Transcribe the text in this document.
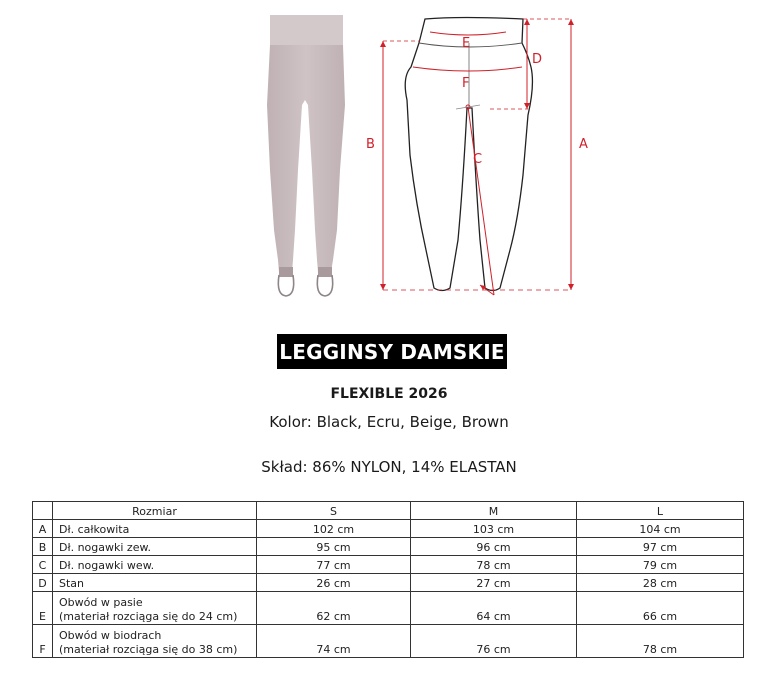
E
F
D
A
B
C
LEGGINSY DAMSKIE
FLEXIBLE 2026
Kolor: Black, Ecru, Beige, Brown
Skład: 86% NYLON, 14% ELASTAN
	Rozmiar	S	M	L
A	Dł. całkowita	102 cm	103 cm	104 cm
B	Dł. nogawki zew.	95 cm	96 cm	97 cm
C	Dł. nogawki wew.	77 cm	78 cm	79 cm
D	Stan	26 cm	27 cm	28 cm
E	Obwód w pasie
(materiał rozciąga się do 24 cm)	62 cm	64 cm	66 cm
F	Obwód w biodrach
(materiał rozciąga się do 38 cm)	74 cm	76 cm	78 cm
